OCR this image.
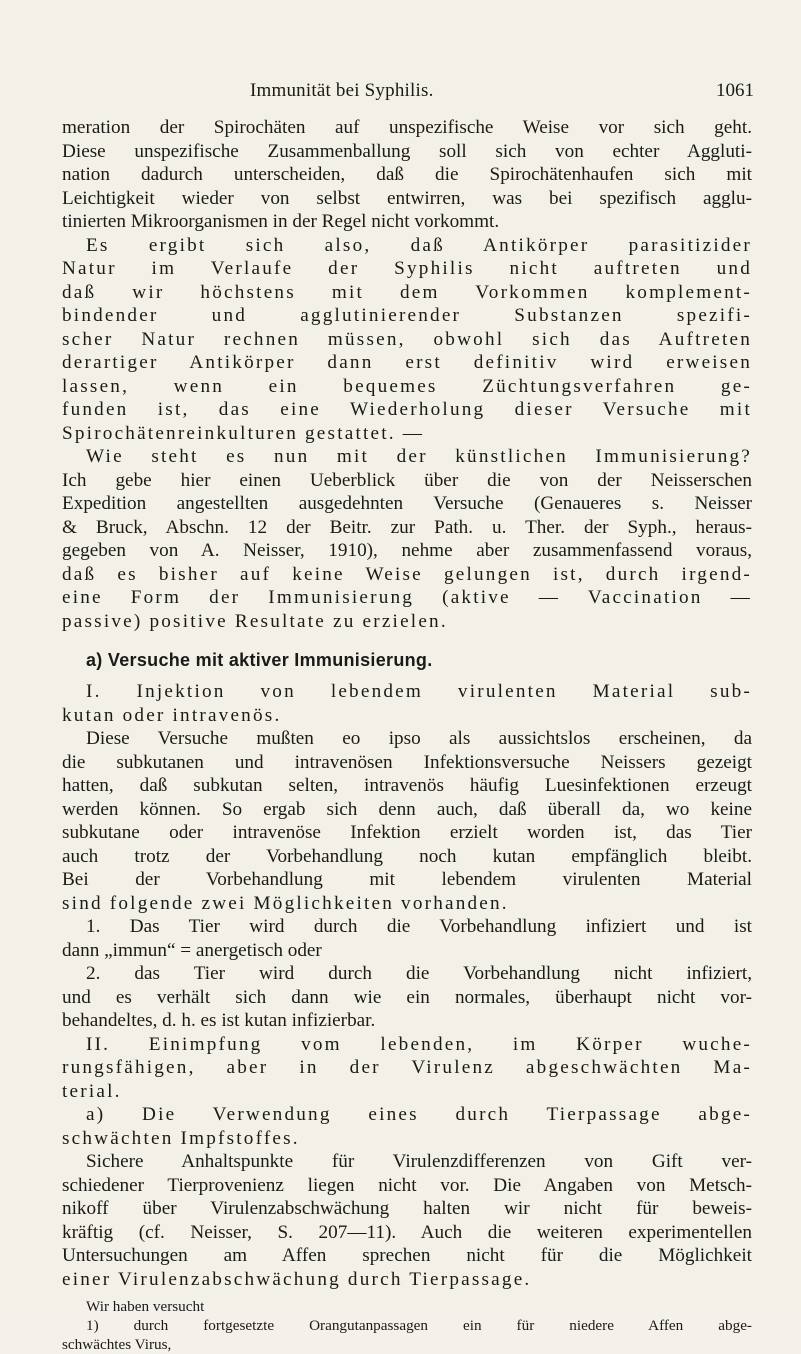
Immunität bei Syphilis.	1061
meration der Spirochäten auf unspezifische Weise vor sich geht.
Diese unspezifische Zusammenballung soll sich von echter Aggluti-
nation dadurch unterscheiden, daß die Spirochätenhaufen sich mit
Leichtigkeit wieder von selbst entwirren, was bei spezifisch agglu-
tinierten Mikroorganismen in der Regel nicht vorkommt.
Es ergibt sich also, daß Antikörper parasitizider
Natur im Verlaufe der Syphilis nicht auftreten und
daß wir höchstens mit dem Vorkommen komplement-
bindender und agglutinierender Substanzen spezifi-
scher Natur rechnen müssen, obwohl sich das Auftreten
derartiger Antikörper dann erst definitiv wird erweisen
lassen, wenn ein bequemes Züchtungsverfahren ge-
funden ist, das eine Wiederholung dieser Versuche mit
Spirochätenreinkulturen gestattet. —
Wie steht es nun mit der künstlichen Immunisierung?
Ich gebe hier einen Ueberblick über die von der Neisserschen
Expedition angestellten ausgedehnten Versuche (Genaueres s. Neisser
& Bruck, Abschn. 12 der Beitr. zur Path. u. Ther. der Syph., heraus-
gegeben von A. Neisser, 1910), nehme aber zusammenfassend voraus,
daß es bisher auf keine Weise gelungen ist, durch irgend-
eine Form der Immunisierung (aktive — Vaccination —
passive) positive Resultate zu erzielen.
a) Versuche mit aktiver Immunisierung.
I. Injektion von lebendem virulenten Material sub-
kutan oder intravenös.
Diese Versuche mußten eo ipso als aussichtslos erscheinen, da
die subkutanen und intravenösen Infektionsversuche Neissers gezeigt
hatten, daß subkutan selten, intravenös häufig Luesinfektionen erzeugt
werden können. So ergab sich denn auch, daß überall da, wo keine
subkutane oder intravenöse Infektion erzielt worden ist, das Tier
auch trotz der Vorbehandlung noch kutan empfänglich bleibt.
Bei der Vorbehandlung mit lebendem virulenten Material
sind folgende zwei Möglichkeiten vorhanden.
1. Das Tier wird durch die Vorbehandlung infiziert und ist
dann „immun“ = anergetisch oder
2. das Tier wird durch die Vorbehandlung nicht infiziert,
und es verhält sich dann wie ein normales, überhaupt nicht vor-
behandeltes, d. h. es ist kutan infizierbar.
II. Einimpfung vom lebenden, im Körper wuche-
rungsfähigen, aber in der Virulenz abgeschwächten Ma-
terial.
a) Die Verwendung eines durch Tierpassage abge-
schwächten Impfstoffes.
Sichere Anhaltspunkte für Virulenzdifferenzen von Gift ver-
schiedener Tierprovenienz liegen nicht vor. Die Angaben von Metsch-
nikoff über Virulenzabschwächung halten wir nicht für beweis-
kräftig (cf. Neisser, S. 207—11). Auch die weiteren experimentellen
Untersuchungen am Affen sprechen nicht für die Möglichkeit
einer Virulenzabschwächung durch Tierpassage.
Wir haben versucht
1) durch fortgesetzte Orangutanpassagen ein für niedere Affen abge-
schwächtes Virus,
